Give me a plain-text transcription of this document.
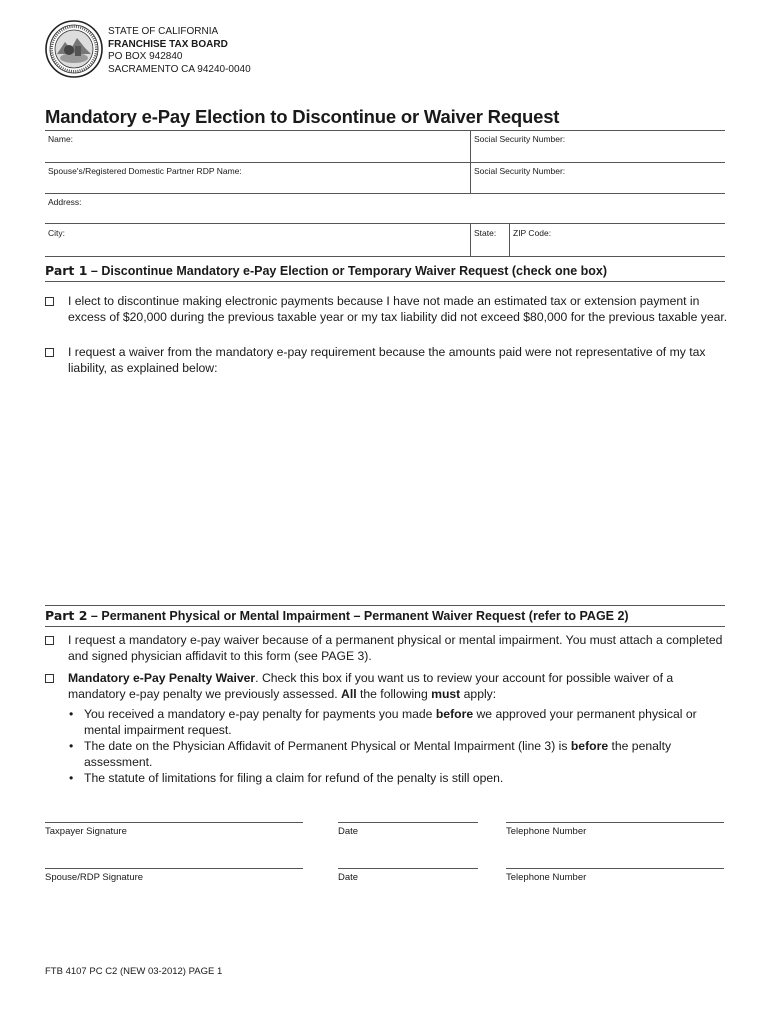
STATE OF CALIFORNIA
FRANCHISE TAX BOARD
PO BOX 942840
SACRAMENTO CA 94240-0040
Mandatory e-Pay Election to Discontinue or Waiver Request
Name:	Social Security Number:
Spouse's/Registered Domestic Partner RDP Name:	Social Security Number:
Address:
City:	State: ZIP Code:
Part 1 – Discontinue Mandatory e-Pay Election or Temporary Waiver Request (check one box)
I elect to discontinue making electronic payments because I have not made an estimated tax or extension payment in excess of $20,000 during the previous taxable year or my tax liability did not exceed $80,000 for the previous taxable year.
I request a waiver from the mandatory e-pay requirement because the amounts paid were not representative of my tax liability, as explained below:
Part 2 – Permanent Physical or Mental Impairment – Permanent Waiver Request (refer to PAGE 2)
I request a mandatory e-pay waiver because of a permanent physical or mental impairment. You must attach a completed and signed physician affidavit to this form (see PAGE 3).
Mandatory e-Pay Penalty Waiver. Check this box if you want us to review your account for possible waiver of a mandatory e-pay penalty we previously assessed. All the following must apply:
• You received a mandatory e-pay penalty for payments you made before we approved your permanent physical or mental impairment request.
• The date on the Physician Affidavit of Permanent Physical or Mental Impairment (line 3) is before the penalty assessment.
• The statute of limitations for filing a claim for refund of the penalty is still open.
Taxpayer Signature	Date	Telephone Number
Spouse/RDP Signature	Date	Telephone Number
FTB 4107 PC C2 (NEW 03-2012) PAGE 1
